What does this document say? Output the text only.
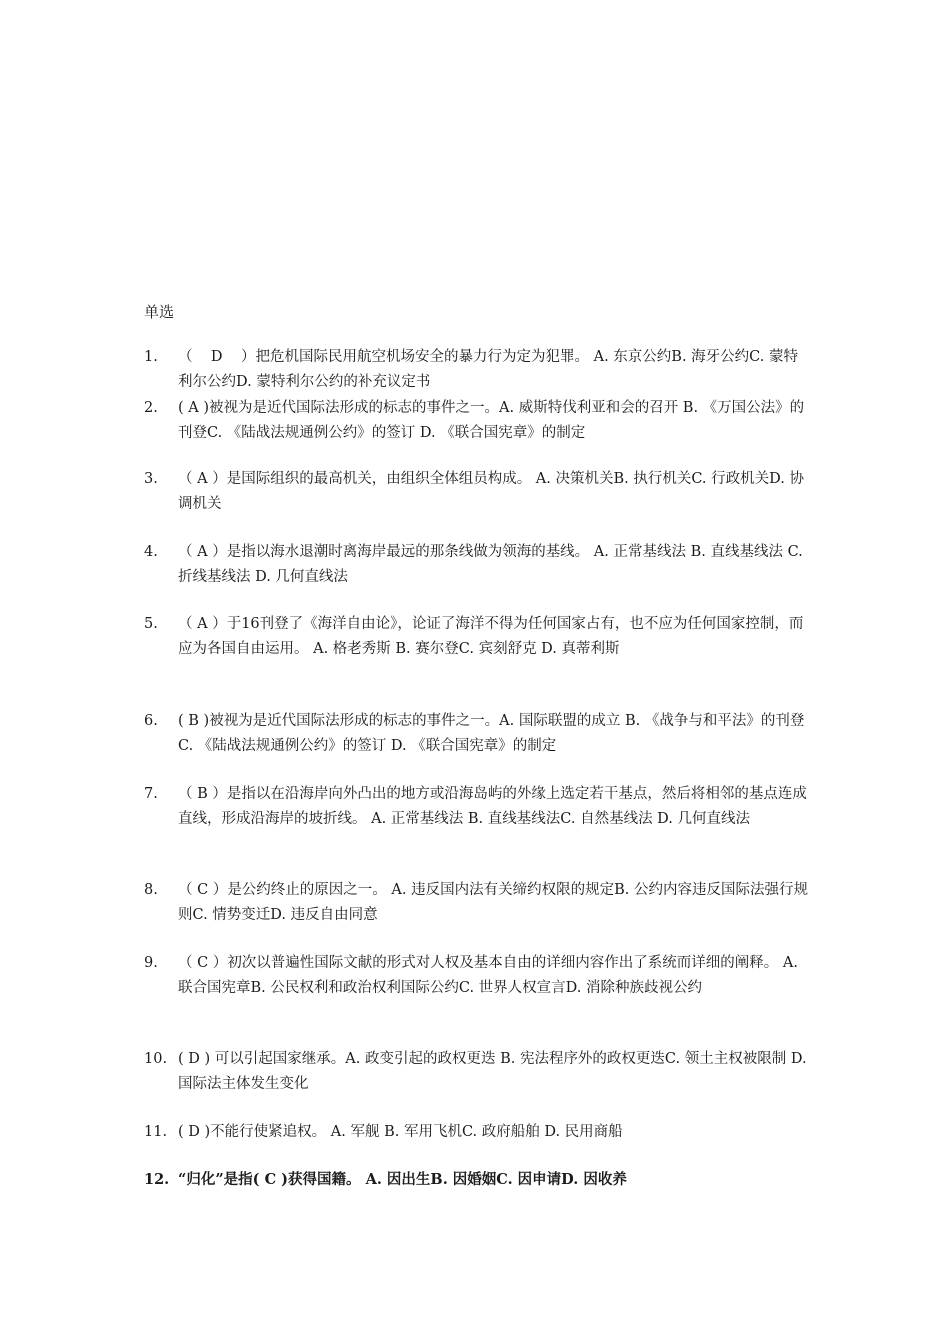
单选
1.	（    D    ）把危机国际民用航空机场安全的暴力行为定为犯罪。 A. 东京公约B. 海牙公约C. 蒙特利尔公约D. 蒙特利尔公约的补充议定书
2.	( A )被视为是近代国际法形成的标志的事件之一。A. 威斯特伐利亚和会的召开 B. 《万国公法》的刊登C. 《陆战法规通例公约》的签订 D. 《联合国宪章》的制定
3.	（ A ）是国际组织的最高机关，由组织全体组员构成。 A. 决策机关B. 执行机关C. 行政机关D. 协调机关
4.	（ A ）是指以海水退潮时离海岸最远的那条线做为领海的基线。 A. 正常基线法 B. 直线基线法 C. 折线基线法 D. 几何直线法
5.	（ A ）于16刊登了《海洋自由论》，论证了海洋不得为任何国家占有，也不应为任何国家控制，而应为各国自由运用。 A. 格老秀斯 B. 赛尔登C. 宾刻舒克 D. 真蒂利斯
6.	( B )被视为是近代国际法形成的标志的事件之一。A. 国际联盟的成立 B. 《战争与和平法》的刊登C. 《陆战法规通例公约》的签订 D. 《联合国宪章》的制定
7.	（ B ）是指以在沿海岸向外凸出的地方或沿海岛屿的外缘上选定若干基点，然后将相邻的基点连成直线，形成沿海岸的坡折线。 A. 正常基线法 B. 直线基线法C. 自然基线法 D. 几何直线法
8.	（ C ）是公约终止的原因之一。 A. 违反国内法有关缔约权限的规定B. 公约内容违反国际法强行规则C. 情势变迁D. 违反自由同意
9.	（ C ）初次以普遍性国际文献的形式对人权及基本自由的详细内容作出了系统而详细的阐释。 A. 联合国宪章B. 公民权利和政治权利国际公约C. 世界人权宣言D. 消除种族歧视公约
10. ( D ) 可以引起国家继承。A. 政变引起的政权更迭 B. 宪法程序外的政权更迭C. 领土主权被限制 D. 国际法主体发生变化
11. ( D )不能行使紧追权。 A. 军舰 B. 军用飞机C. 政府船舶 D. 民用商船
12. “归化”是指( C )获得国籍。 A. 因出生B. 因婚姻C. 因申请D. 因收养
